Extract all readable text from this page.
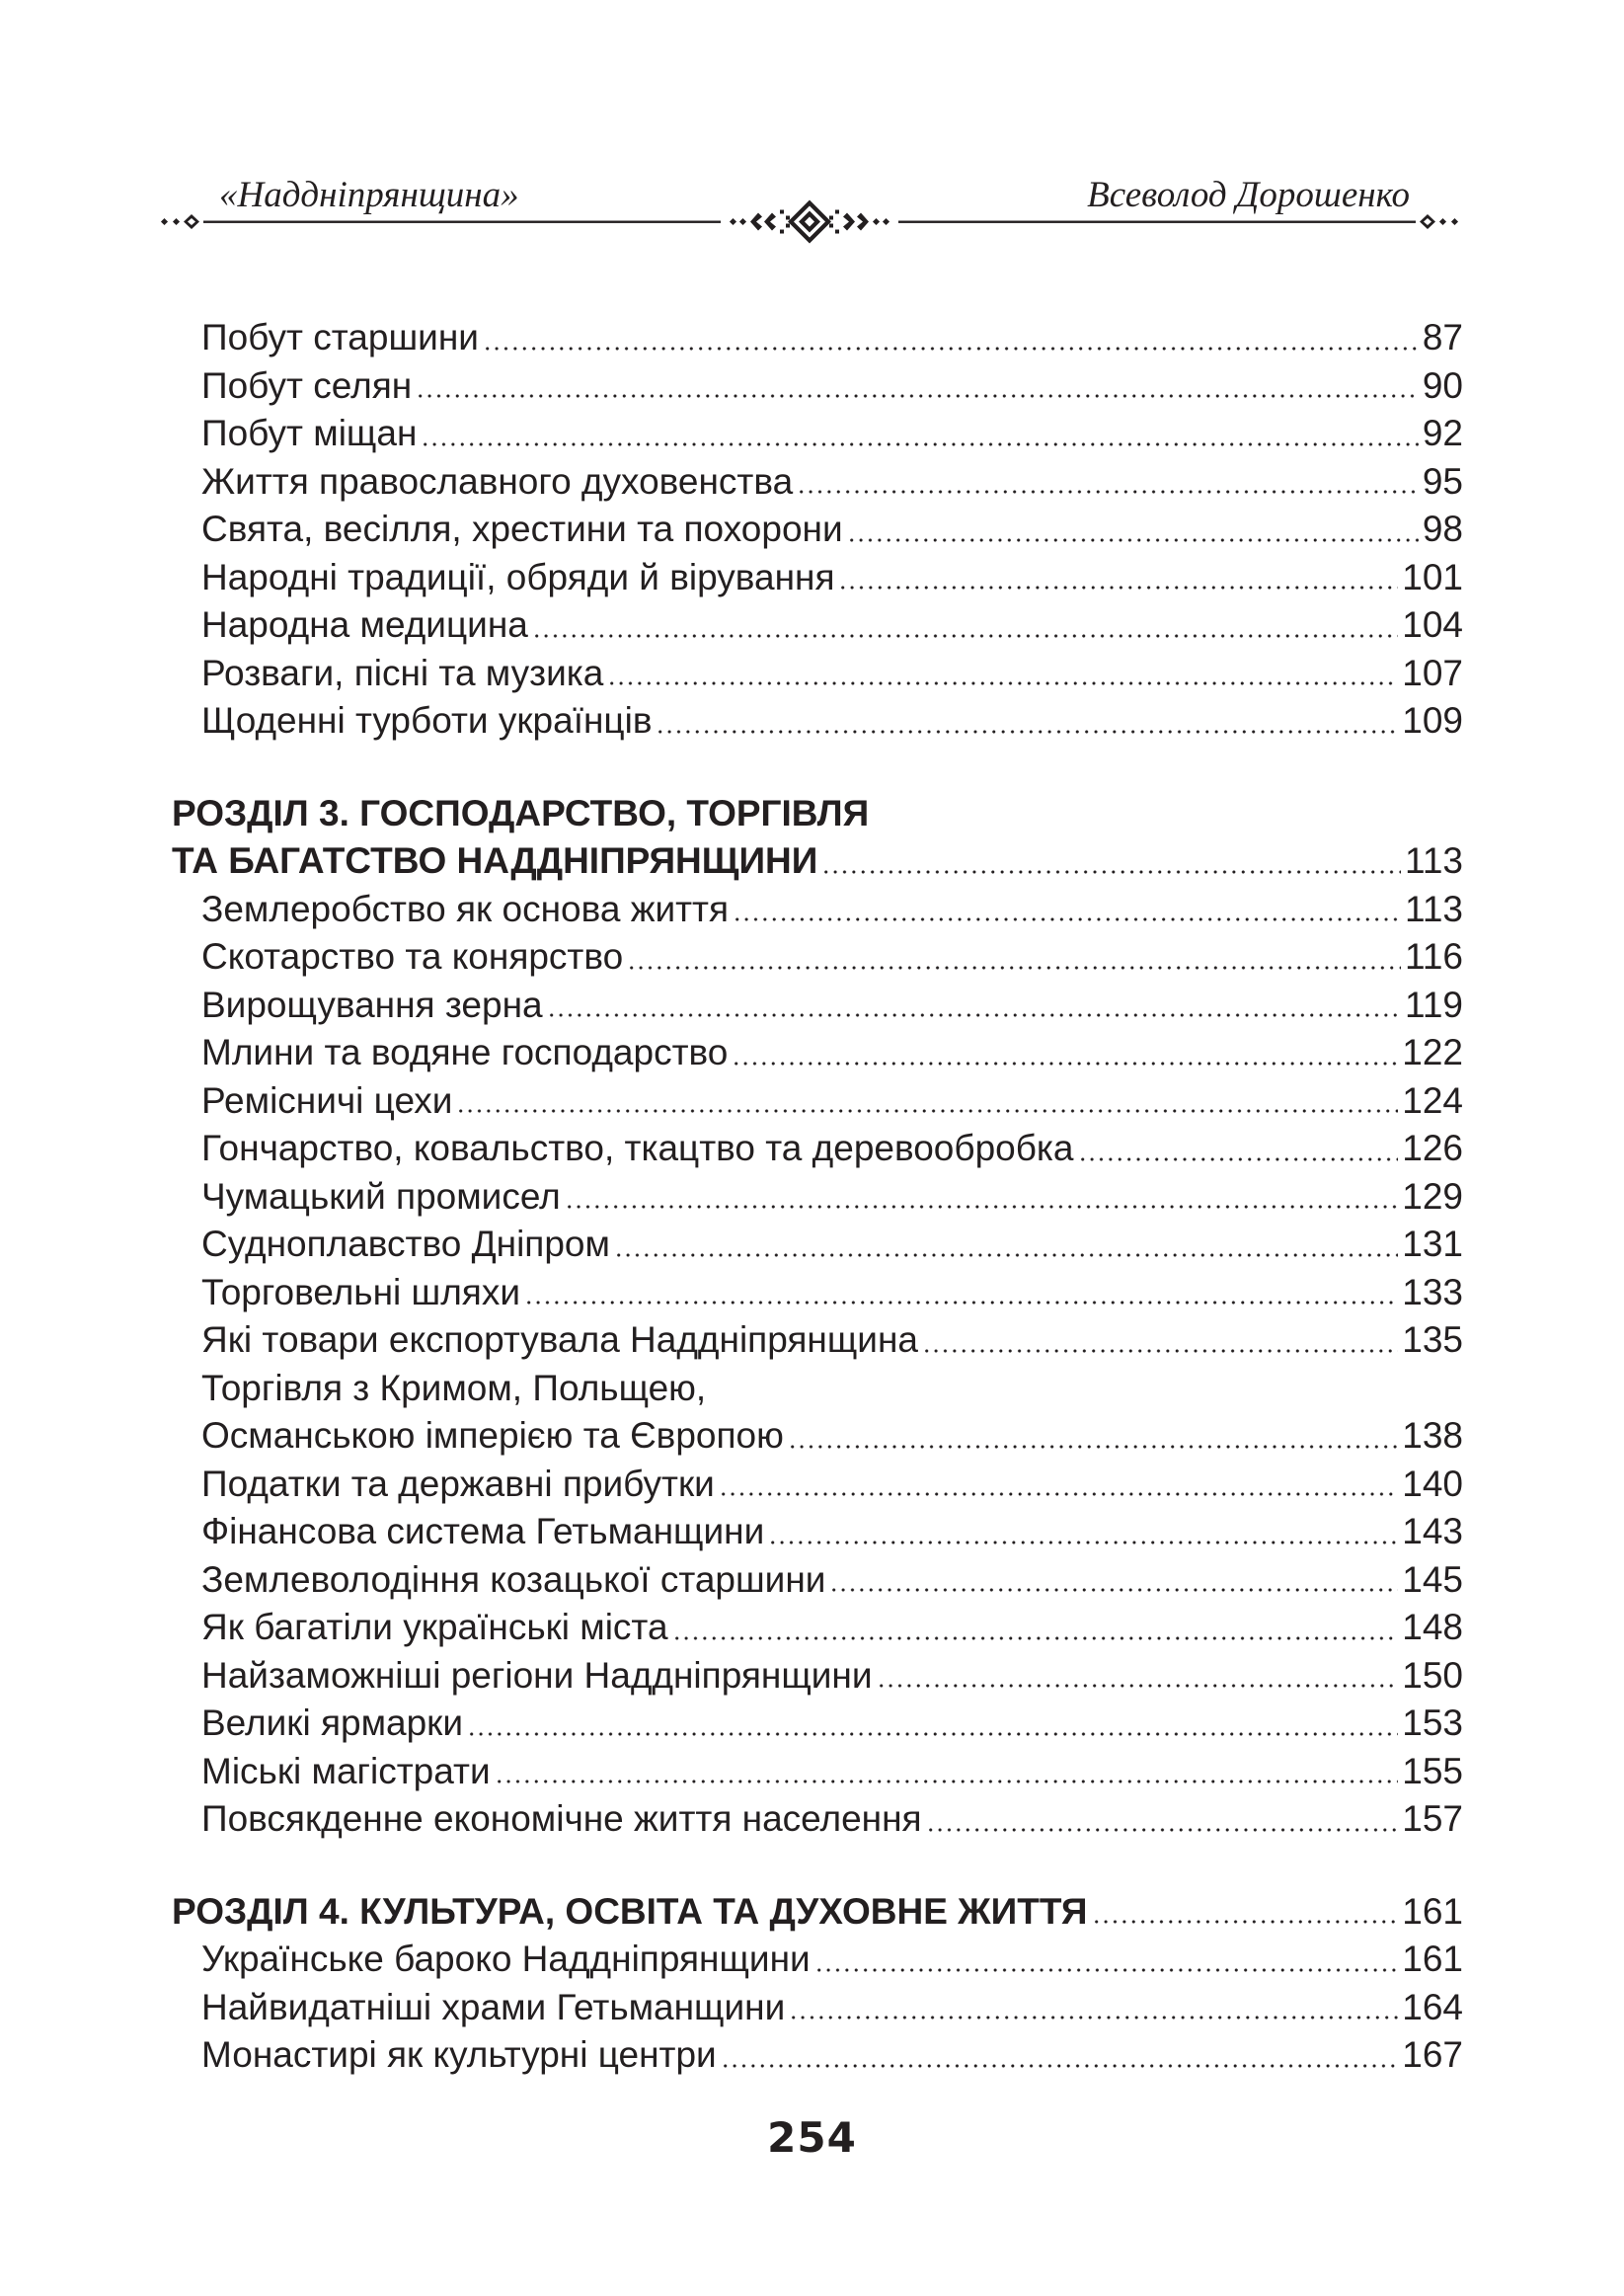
«Наддніпрянщина»	Всеволод Дорошенко
Побут старшини	87
Побут селян	90
Побут міщан	92
Життя православного духовенства	95
Свята, весілля, хрестини та похорони	98
Народні традиції, обряди й вірування	101
Народна медицина	104
Розваги, пісні та музика	107
Щоденні турботи українців	109
РОЗДІЛ 3. ГОСПОДАРСТВО, ТОРГІВЛЯ
ТА БАГАТСТВО НАДДНІПРЯНЩИНИ	113
Землеробство як основа життя	113
Скотарство та конярство	116
Вирощування зерна	119
Млини та водяне господарство	122
Ремісничі цехи	124
Гончарство, ковальство, ткацтво та деревообробка	126
Чумацький промисел	129
Судноплавство Дніпром	131
Торговельні шляхи	133
Які товари експортувала Наддніпрянщина	135
Торгівля з Кримом, Польщею,
Османською імперією та Європою	138
Податки та державні прибутки	140
Фінансова система Гетьманщини	143
Землеволодіння козацької старшини	145
Як багатіли українські міста	148
Найзаможніші регіони Наддніпрянщини	150
Великі ярмарки	153
Міські магістрати	155
Повсякденне економічне життя населення	157
РОЗДІЛ 4. КУЛЬТУРА, ОСВІТА ТА ДУХОВНЕ ЖИТТЯ	161
Українське бароко Наддніпрянщини	161
Найвидатніші храми Гетьманщини	164
Монастирі як культурні центри	167
254
